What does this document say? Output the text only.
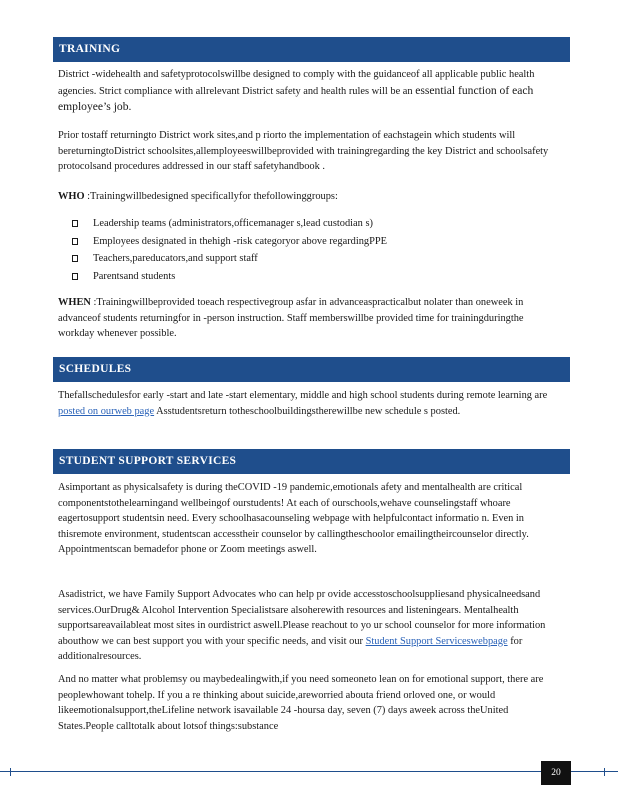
TRAINING

District -widehealth and safetyprotocolswillbe designed to comply with the guidanceof all applicable public health agencies. Strict compliance with allrelevant District safety and health rules will be an essential function of each employee’s job.

Prior tostaff returningto District work sites,and p riorto the implementation of eachstagein which students will bereturningtoDistrict schoolsites,allemployeeswillbeprovided with trainingregarding the key District and schoolsafety protocolsand procedures addressed in our staff safetyhandbook .

WHO :Trainingwillbedesigned specificallyfor thefollowinggroups:

Leadership teams (administrators,officemanager s,lead custodian s)
Employees designated in thehigh -risk categoryor above regardingPPE
Teachers,pareducators,and support staff
Parentsand students

WHEN :Trainingwillbeprovided toeach respectivegroup asfar in advanceaspracticalbut nolater than oneweek in advanceof students returningfor in -person instruction. Staff memberswillbe provided time for trainingduringthe workday whenever possible.

SCHEDULES

Thefallschedulesfor early -start and late -start elementary, middle and high school students during remote learning are posted on ourweb page Asstudentsreturn totheschoolbuildingstherewillbe new schedule s posted.

STUDENT SUPPORT SERVICES

Asimportant as physicalsafety is during theCOVID -19 pandemic,emotionals afety and mentalhealth are critical componentstothelearningand wellbeingof ourstudents! At each of ourschools,wehave counselingstaff whoare eagertosupport studentsin need. Every schoolhasacounseling webpage with helpfulcontact informatio n. Even in thisremote environment, studentscan accesstheir counselor by callingtheschoolor emailingtheircounselor directly. Appointmentscan bemadefor phone or Zoom meetings aswell.

Asadistrict, we have Family Support Advocates who can help pr ovide accesstoschoolsuppliesand physicalneedsand services.OurDrug& Alcohol Intervention Specialistsare alsoherewith resources and listeningears. Mentalhealth supportsareavailableat most sites in ourdistrict aswell.Please reachout to yo ur school counselor for more information abouthow we can best support you with your specific needs, and visit our Student Support Serviceswebpage for additionalresources.

And no matter what problemsy ou maybedealingwith,if you need someoneto lean on for emotional support, there are peoplewhowant tohelp. If you a re thinking about suicide,areworried abouta friend orloved one, or would likeemotionalsupport,theLifeline network isavailable 24 -hoursa day, seven (7) days aweek across theUnited States.People calltotalk about lotsof things:substance

20
